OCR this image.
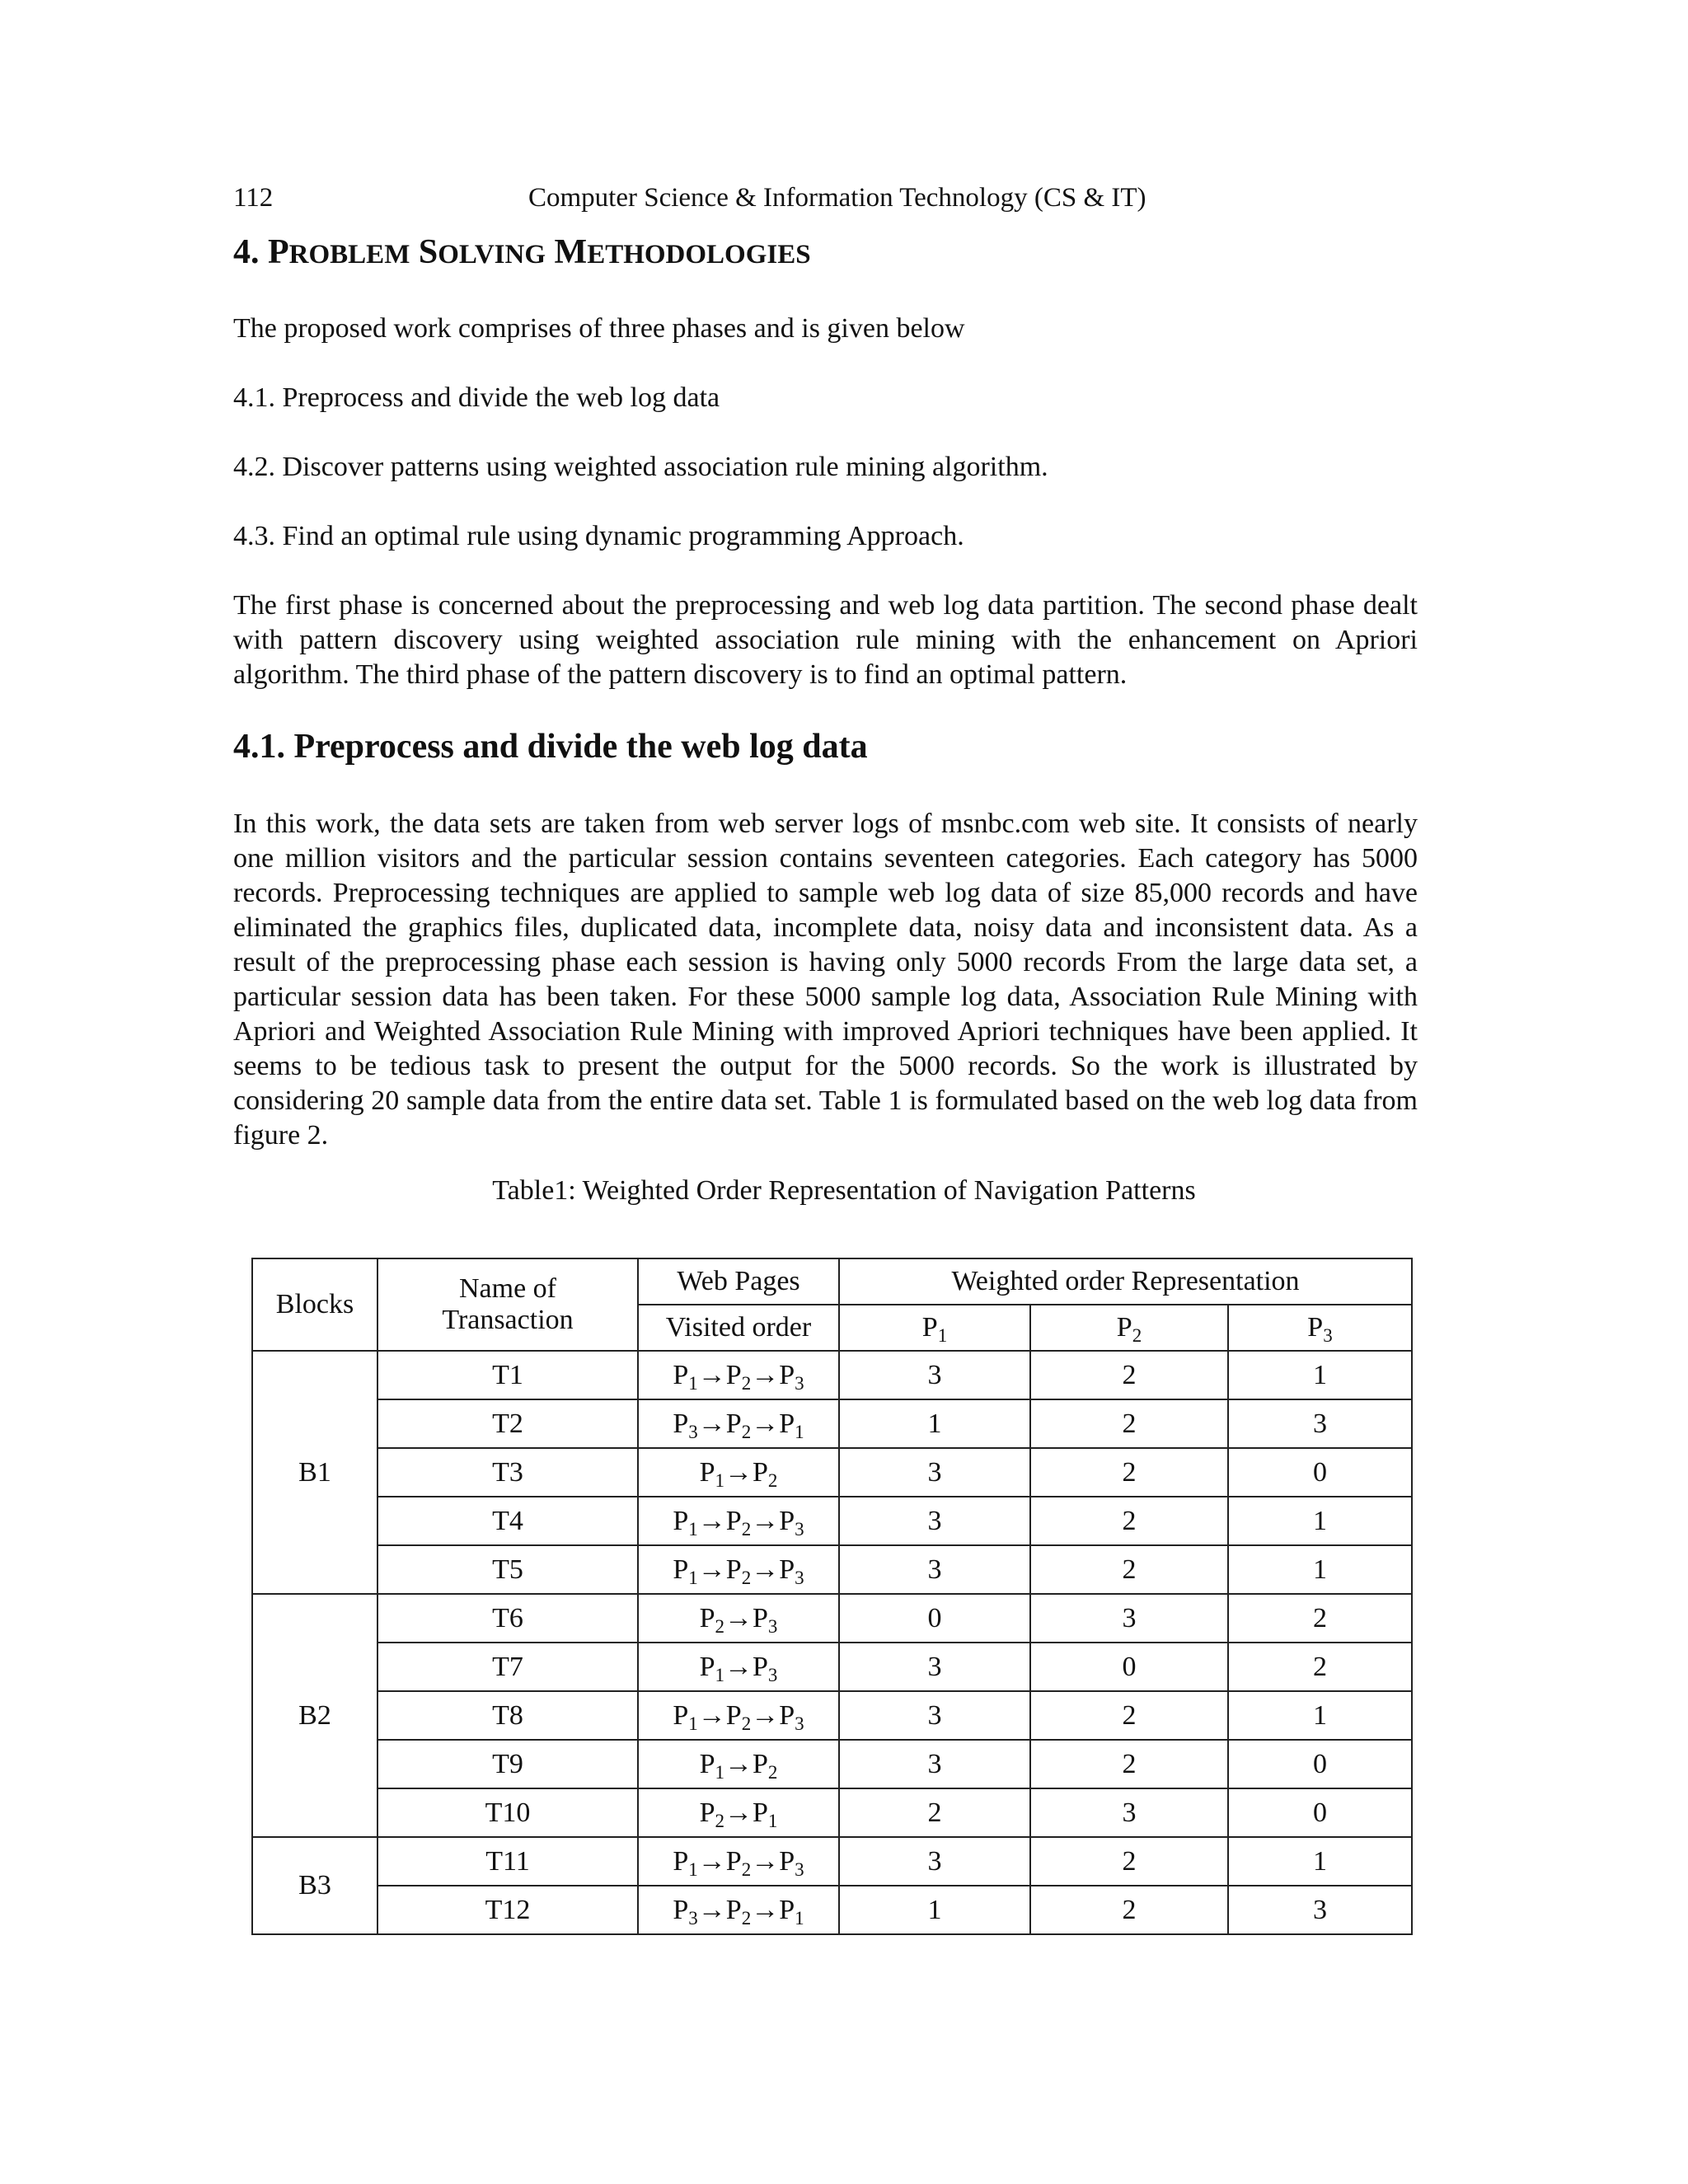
112	Computer Science & Information Technology (CS & IT)
4. PROBLEM SOLVING METHODOLOGIES
The proposed work comprises of three phases and is given below
4.1. Preprocess and divide the web log data
4.2. Discover patterns using weighted association rule mining algorithm.
4.3. Find an optimal rule using dynamic programming Approach.
The first phase is concerned about the preprocessing and web log data partition. The second phase dealt with pattern discovery using weighted association rule mining with the enhancement on Apriori algorithm. The third phase of the pattern discovery is to find an optimal pattern.
4.1. Preprocess and divide the web log data
In this work, the data sets are taken from web server logs of msnbc.com web site. It consists of nearly one million visitors and the particular session contains seventeen categories. Each category has 5000 records. Preprocessing techniques are applied to sample web log data of size 85,000 records and have eliminated the graphics files, duplicated data, incomplete data, noisy data and inconsistent data. As a result of the preprocessing phase each session is having only 5000 records From the large data set, a particular session data has been taken. For these 5000 sample log data, Association Rule Mining with Apriori and Weighted Association Rule Mining with improved Apriori techniques have been applied. It seems to be tedious task to present the output for the 5000 records. So the work is illustrated by considering 20 sample data from the entire data set. Table 1 is formulated based on the web log data from figure 2.
Table1: Weighted Order Representation of Navigation Patterns
Blocks	Name of Transaction	Web Pages	Weighted order Representation		
		Visited order	$P_1$	$P_2$	$P_3$
B1	T1	$P_1\to P_2\to P_3$	3	2	1
	T2	$P_3\to P_2\to P_1$	1	2	3
	T3	$P_1\to P_2$	3	2	0
	T4	$P_1\to P_2\to P_3$	3	2	1
	T5	$P_1\to P_2\to P_3$	3	2	1
B2	T6	$P_2\to P_3$	0	3	2
	T7	$P_1\to P_3$	3	0	2
	T8	$P_1\to P_2\to P_3$	3	2	1
	T9	$P_1\to P_2$	3	2	0
	T10	$P_2\to P_1$	2	3	0
B3	T11	$P_1\to P_2\to P_3$	3	2	1
	T12	$P_3\to P_2\to P_1$	1	2	3
